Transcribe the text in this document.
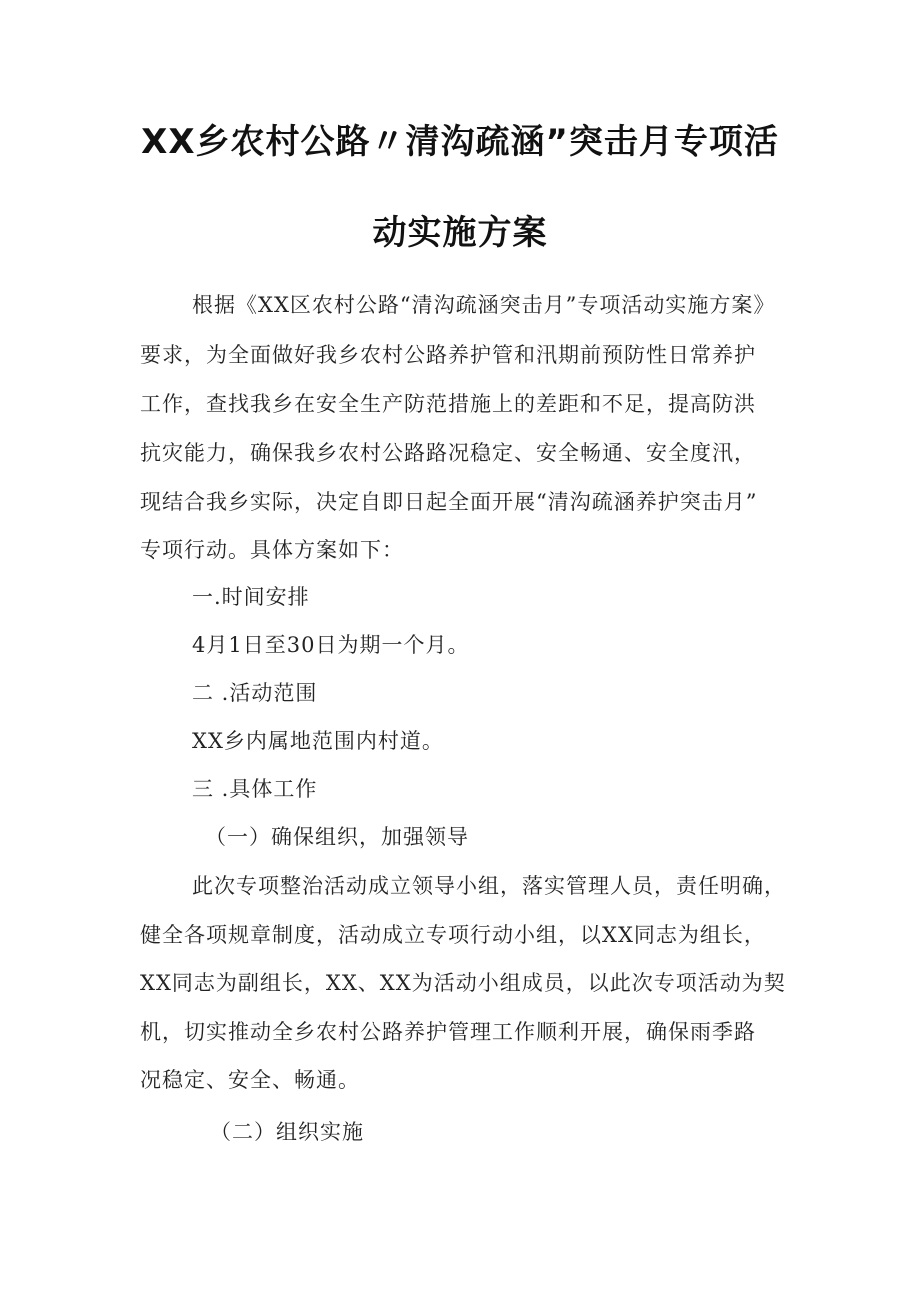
XX乡农村公路〃清沟疏涵”突击月专项活
动实施方案
根据《XX区农村公路“清沟疏涵突击月”专项活动实施方案》
要求，为全面做好我乡农村公路养护管和汛期前预防性日常养护
工作，查找我乡在安全生产防范措施上的差距和不足，提高防洪
抗灾能力，确保我乡农村公路路况稳定、安全畅通、安全度汛，
现结合我乡实际，决定自即日起全面开展“清沟疏涵养护突击月”
专项行动。具体方案如下：
一.时间安排
4月1日至30日为期一个月。
二 .活动范围
XX乡内属地范围内村道。
三 .具体工作
（一）确保组织，加强领导
此次专项整治活动成立领导小组，落实管理人员，责任明确，
健全各项规章制度，活动成立专项行动小组，以XX同志为组长，
XX同志为副组长，XX、XX为活动小组成员，以此次专项活动为契
机，切实推动全乡农村公路养护管理工作顺利开展，确保雨季路
况稳定、安全、畅通。
（二）组织实施
